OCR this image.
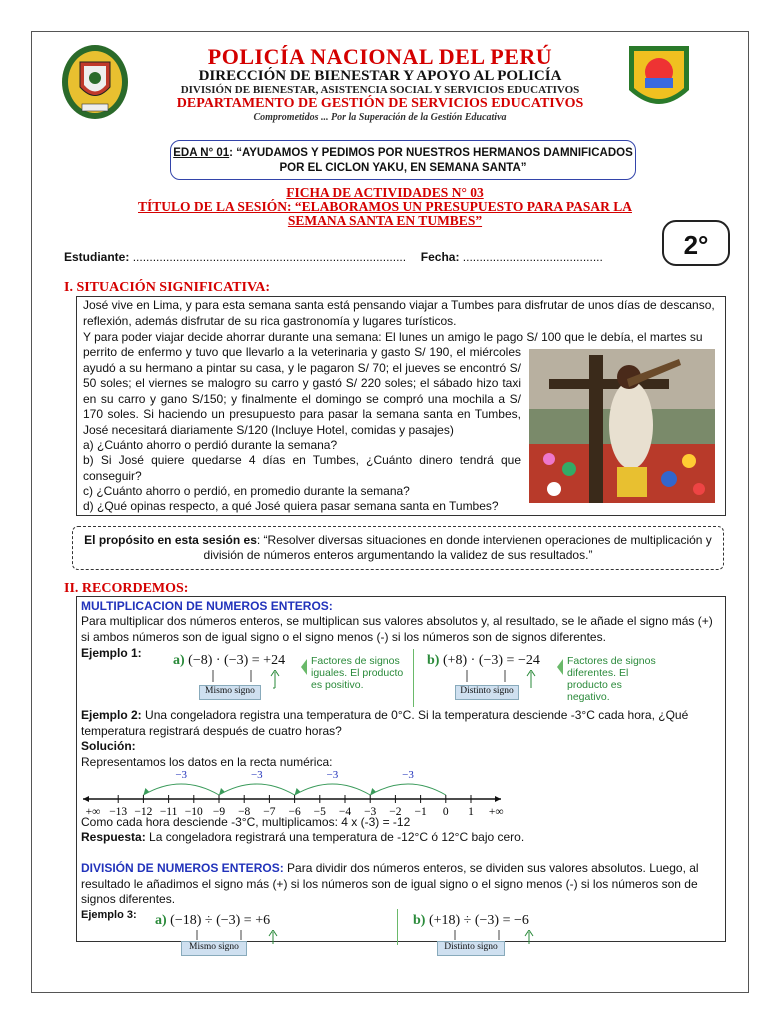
POLICÍA NACIONAL DEL PERÚ
DIRECCIÓN DE BIENESTAR Y APOYO AL POLICÍA
DIVISIÓN DE BIENESTAR, ASISTENCIA SOCIAL Y SERVICIOS EDUCATIVOS
DEPARTAMENTO DE GESTIÓN DE SERVICIOS EDUCATIVOS
Comprometidos ... Por la Superación de la Gestión Educativa
EDA N° 01: “AYUDAMOS Y PEDIMOS POR NUESTROS HERMANOS DAMNIFICADOS
POR EL CICLON YAKU, EN SEMANA SANTA”
FICHA DE ACTIVIDADES N° 03
TÍTULO DE LA SESIÓN: “ELABORAMOS UN PRESUPUESTO PARA PASAR LA
SEMANA SANTA EN TUMBES”
2°
Estudiante: .................................................................................. Fecha: ..........................................
I. SITUACIÓN SIGNIFICATIVA:
José vive en Lima, y para esta semana santa está pensando viajar a Tumbes para disfrutar de unos días de descanso, reflexión, además disfrutar de su rica gastronomía y lugares turísticos.
Y para poder viajar decide ahorrar durante una semana: El lunes un amigo le pago S/ 100 que le debía, el martes su
perrito de enfermo y tuvo que llevarlo a la veterinaria y gasto S/ 190, el miércoles ayudó a su hermano a pintar su casa, y le pagaron S/ 70; el jueves se encontró S/ 50 soles; el viernes se malogro su carro y gastó S/ 220 soles; el sábado hizo taxi en su carro y gano S/150; y finalmente el domingo se compró una mochila a S/ 170 soles. Si haciendo un presupuesto para pasar la semana santa en Tumbes, José necesitará diariamente S/120 (Incluye Hotel, comidas y pasajes)
a) ¿Cuánto ahorro o perdió durante la semana?
b) Si José quiere quedarse 4 días en Tumbes, ¿Cuánto dinero tendrá que conseguir?
c) ¿Cuánto ahorro o perdió, en promedio durante la semana?
d) ¿Qué opinas respecto, a qué José quiera pasar semana santa en Tumbes?
El propósito en esta sesión es: “Resolver diversas situaciones en donde intervienen operaciones de multiplicación y división de números enteros argumentando la validez de sus resultados.”
II. RECORDEMOS:
MULTIPLICACION DE NUMEROS ENTEROS:
Para multiplicar dos números enteros, se multiplican sus valores absolutos y, al resultado, se le añade el signo más (+) si ambos números son de igual signo o el signo menos (-) si los números son de signos diferentes.
Ejemplo 1: a) (−8) · (−3) = +24
Mismo signo
Factores de signos iguales. El producto es positivo.
b) (+8) · (−3) = −24
Distinto signo
Factores de signos diferentes. El producto es negativo.
Ejemplo 2: Una congeladora registra una temperatura de 0°C. Si la temperatura desciende -3°C cada hora, ¿Qué temperatura registrará después de cuatro horas?
Solución:
Representamos los datos en la recta numérica:
−3
−3
−3
−3
+∞ −13 −12 −11 −10 −9 −8 −7 −6 −5 −4 −3 −2 −1 0 1 +∞
Como cada hora desciende -3°C, multiplicamos: 4 x (-3) = -12
Respuesta: La congeladora registrará una temperatura de -12°C ó 12°C bajo cero.
DIVISIÓN DE NUMEROS ENTEROS: Para dividir dos números enteros, se dividen sus valores absolutos. Luego, al resultado le añadimos el signo más (+) si los números son de igual signo o el signo menos (-) si los números son de signos diferentes.
Ejemplo 3: a) (−18) ÷ (−3) = +6
Mismo signo
b) (+18) ÷ (−3) = −6
Distinto signo
